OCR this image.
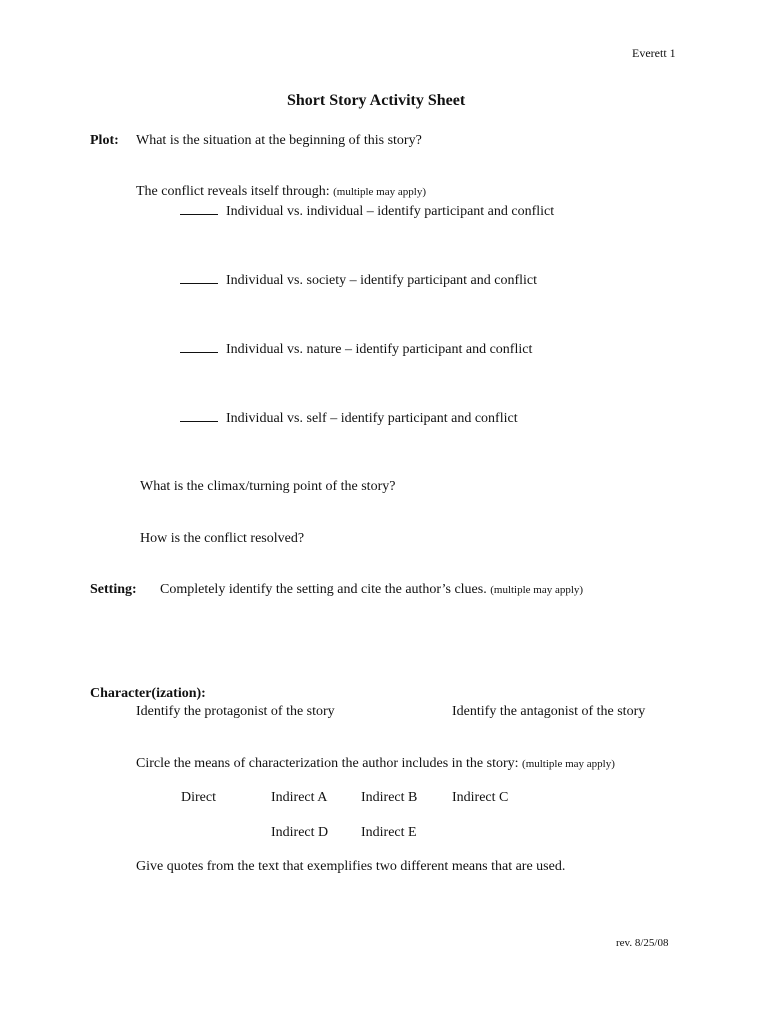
Everett 1
Short Story Activity Sheet
Plot: What is the situation at the beginning of this story?
The conflict reveals itself through: (multiple may apply)
Individual vs. individual – identify participant and conflict
Individual vs. society – identify participant and conflict
Individual vs. nature – identify participant and conflict
Individual vs. self – identify participant and conflict
What is the climax/turning point of the story?
How is the conflict resolved?
Setting: Completely identify the setting and cite the author’s clues. (multiple may apply)
Character(ization):
Identify the protagonist of the story	Identify the antagonist of the story
Circle the means of characterization the author includes in the story: (multiple may apply)
Direct	Indirect A Indirect B Indirect C
Indirect D Indirect E
Give quotes from the text that exemplifies two different means that are used.
rev. 8/25/08
